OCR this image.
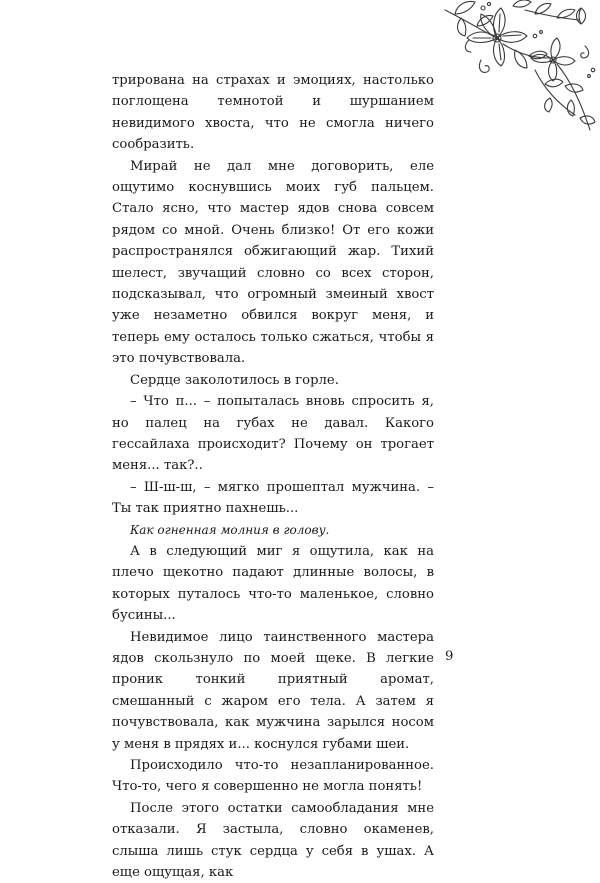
трирована на страхах и эмоциях, настолько поглощена темнотой и шуршанием невидимого хвоста, что не смогла ничего сообразить.

Мирай не дал мне договорить, еле ощутимо коснувшись моих губ пальцем. Стало ясно, что мастер ядов снова совсем рядом со мной. Очень близко! От его кожи распространялся обжигающий жар. Тихий шелест, звучащий словно со всех сторон, подсказывал, что огромный змеиный хвост уже незаметно обвился вокруг меня, и теперь ему осталось только сжаться, чтобы я это почувствовала.

Сердце заколотилось в горле.

– Что п... – попыталась вновь спросить я, но палец на губах не давал. Какого гессайлаха происходит? Почему он трогает меня... так?..

– Ш-ш-ш, – мягко прошептал мужчина. – Ты так приятно пахнешь...

Как огненная молния в голову.

А в следующий миг я ощутила, как на плечо щекотно падают длинные волосы, в которых путалось что-то маленькое, словно бусины...

Невидимое лицо таинственного мастера ядов скользнуло по моей щеке. В легкие проник тонкий приятный аромат, смешанный с жаром его тела. А затем я почувствовала, как мужчина зарылся носом у меня в прядях и... коснулся губами шеи.

Происходило что-то незапланированное. Что-то, чего я совершенно не могла понять!

После этого остатки самообладания мне отказали. Я застыла, словно окаменев, слыша лишь стук сердца у себя в ушах. А еще ощущая, как

9
